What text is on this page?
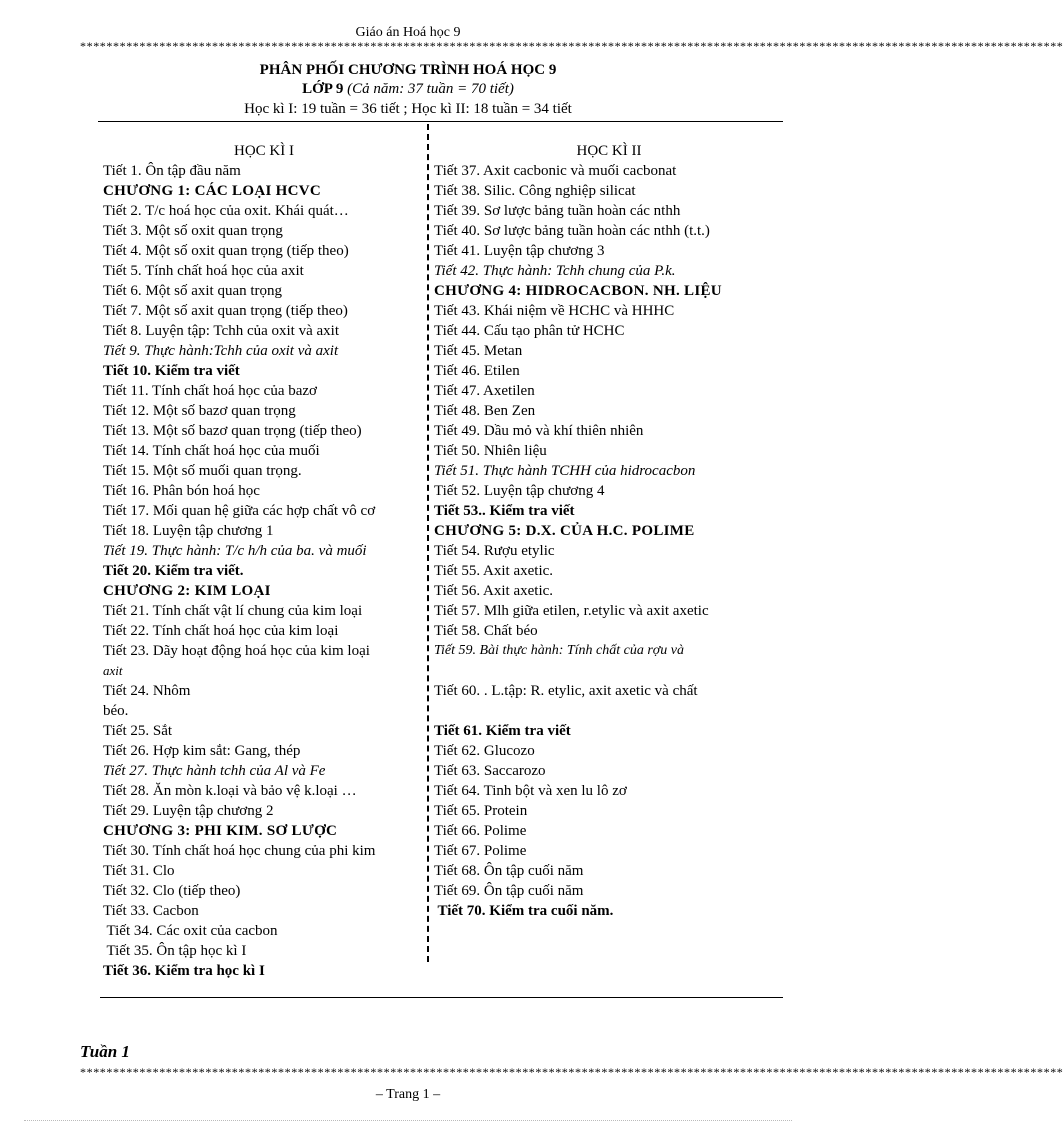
Giáo án Hoá học 9
*****************************************************************************************************************************************************
PHÂN PHỐI CHƯƠNG TRÌNH HOÁ HỌC 9
LỚP 9 (Cả năm: 37 tuần = 70 tiết)
Học kì I: 19 tuần = 36 tiết ; Học kì II: 18 tuần = 34 tiết
HỌC KÌ I
Tiết 1. Ôn tập đầu năm
CHƯƠNG 1: CÁC LOẠI HCVC
Tiết 2. T/c hoá học của oxit. Khái quát…
Tiết 3. Một số oxit quan trọng
Tiết 4. Một số oxit quan trọng (tiếp theo)
Tiết 5. Tính chất hoá học của axit
Tiết 6. Một số axit quan trọng
Tiết 7. Một số axit quan trọng (tiếp theo)
Tiết 8. Luyện tập: Tchh của oxit và axit
Tiết 9. Thực hành:Tchh của oxit và axit
Tiết 10. Kiểm tra viết
Tiết 11. Tính chất hoá học của bazơ
Tiết 12. Một số bazơ quan trọng
Tiết 13. Một số bazơ quan trọng (tiếp theo)
Tiết 14. Tính chất hoá học của muối
Tiết 15. Một số muối quan trọng.
Tiết 16. Phân bón hoá học
Tiết 17. Mối quan hệ giữa các hợp chất vô cơ
Tiết 18. Luyện tập chương 1
Tiết 19. Thực hành: T/c h/h của ba. và muối
Tiết 20. Kiểm tra viết.
CHƯƠNG 2: KIM LOẠI
Tiết 21. Tính chất vật lí chung của kim loại
Tiết 22. Tính chất hoá học của kim loại
Tiết 23. Dãy hoạt động hoá học của kim loại
axit
Tiết 24. Nhôm
béo.
Tiết 25. Sắt
Tiết 26. Hợp kim sắt: Gang, thép
Tiết 27. Thực hành tchh của Al và Fe
Tiết 28. Ăn mòn k.loại và bảo vệ k.loại …
Tiết 29. Luyện tập chương 2
CHƯƠNG 3: PHI KIM. SƠ LƯỢC
Tiết 30. Tính chất hoá học chung của phi kim
Tiết 31. Clo
Tiết 32. Clo (tiếp theo)
Tiết 33. Cacbon
Tiết 34. Các oxit của cacbon
Tiết 35. Ôn tập học kì I
Tiết 36. Kiểm tra học kì I
HỌC KÌ II
Tiết 37. Axit cacbonic và muối cacbonat
Tiết 38. Silic. Công nghiệp silicat
Tiết 39. Sơ lược bảng tuần hoàn các nthh
Tiết 40. Sơ lược bảng tuần hoàn các nthh (t.t.)
Tiết 41. Luyện tập chương 3
Tiết 42. Thực hành: Tchh chung của P.k.
CHƯƠNG 4: HIDROCACBON. NH. LIỆU
Tiết 43. Khái niệm về HCHC và HHHC
Tiết 44. Cấu tạo phân tử HCHC
Tiết 45. Metan
Tiết 46. Etilen
Tiết 47. Axetilen
Tiết 48. Ben Zen
Tiết 49. Dầu mỏ và khí thiên nhiên
Tiết 50. Nhiên liệu
Tiết 51. Thực hành TCHH của hidrocacbon
Tiết 52. Luyện tập chương 4
Tiết 53.. Kiểm tra viết
CHƯƠNG 5: D.X. CỦA H.C. POLIME
Tiết 54. Rượu etylic
Tiết 55. Axit axetic.
Tiết 56. Axit axetic.
Tiết 57. Mlh giữa etilen, r.etylic và axit axetic
Tiết 58. Chất béo
Tiết 59. Bài thực hành: Tính chất của rợu và
Tiết 60. . L.tập: R. etylic, axit axetic và chất
Tiết 61. Kiểm tra viết
Tiết 62. Glucozo
Tiết 63. Saccarozo
Tiết 64. Tinh bột và xen lu lô zơ
Tiết 65. Protein
Tiết 66. Polime
Tiết 67. Polime
Tiết 68. Ôn tập cuối năm
Tiết 69. Ôn tập cuối năm
Tiết 70. Kiểm tra cuối năm.
Tuần 1
*****************************************************************************************************************************************************
– Trang 1 –
